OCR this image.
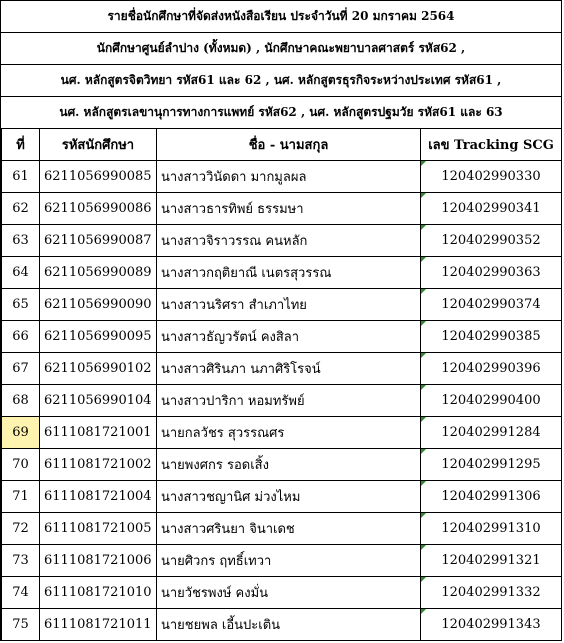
รายชื่อนักศึกษาที่จัดส่งหนังสือเรียน ประจำวันที่ 20 มกราคม 2564
นักศึกษาศูนย์ลำปาง (ทั้งหมด) , นักศึกษาคณะพยาบาลศาสตร์ รหัส62 ,
นศ. หลักสูตรจิตวิทยา รหัส61 และ 62 , นศ. หลักสูตรธุรกิจระหว่างประเทศ รหัส61 ,
นศ. หลักสูตรเลขานุการทางการแพทย์ รหัส62 , นศ. หลักสูตรปฐมวัย รหัส61 และ 63
ที่	รหัสนักศึกษา	ชื่อ - นามสกุล	เลข Tracking SCG
61	6211056990085	นางสาววินัดดา มากมูลผล	120402990330
62	6211056990086	นางสาวธารทิพย์ ธรรมษา	120402990341
63	6211056990087	นางสาวจิราวรรณ คนหลัก	120402990352
64	6211056990089	นางสาวกฤติยาณี เนตรสุวรรณ	120402990363
65	6211056990090	นางสาวนริศรา สำเภาไทย	120402990374
66	6211056990095	นางสาวธัญวรัตน์ คงสิลา	120402990385
67	6211056990102	นางสาวศิรินภา นภาศิริโรจน์	120402990396
68	6211056990104	นางสาวปาริกา หอมทรัพย์	120402990400
69	6111081721001	นายกลวัชร สุวรรณศร	120402991284
70	6111081721002	นายพงศกร รอดเสิ้ง	120402991295
71	6111081721004	นางสาวชญานิศ ม่วงไหม	120402991306
72	6111081721005	นางสาวศรินยา จินาเดช	120402991310
73	6111081721006	นายศิวกร ฤทธิ์เทวา	120402991321
74	6111081721010	นายวัชรพงษ์ คงมั่น	120402991332
75	6111081721011	นายชยพล เอี้นปะเติน	120402991343
